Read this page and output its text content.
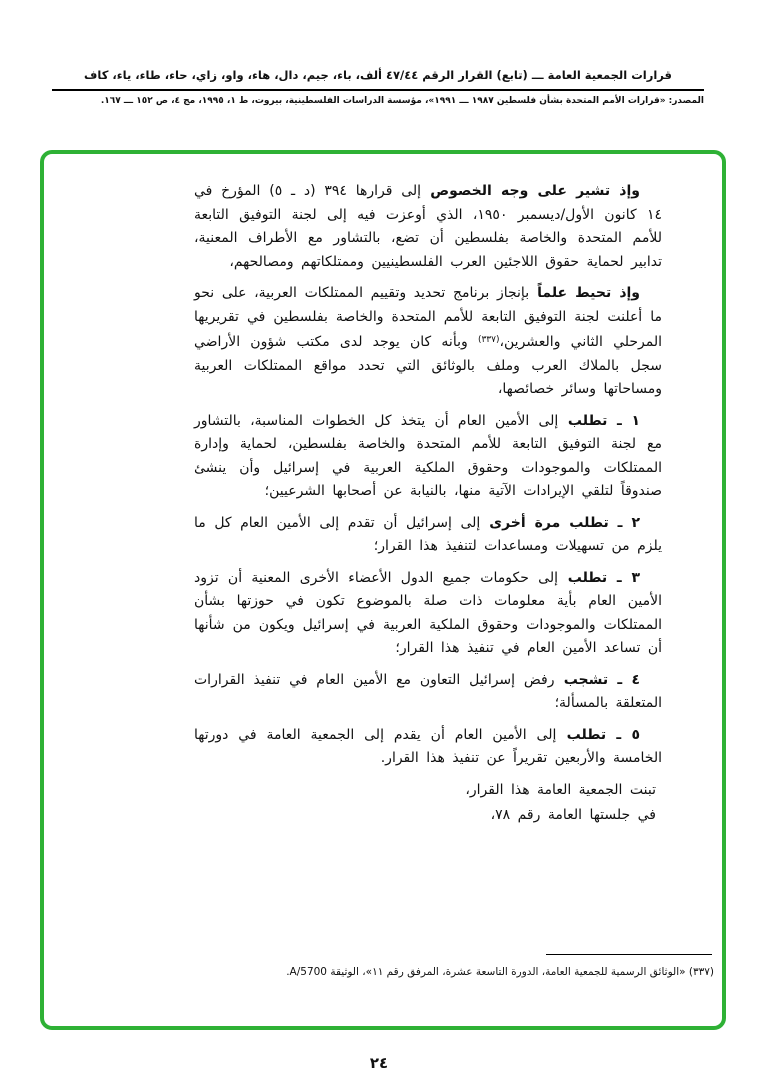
قرارات الجمعية العامة ـــ (تابع) القرار الرقم ٤٧/٤٤ ألف، باء، جيم، دال، هاء، واو، زاي، حاء، طاء، ياء، كاف
المصدر: «قرارات الأمم المتحدة بشأن فلسطين ١٩٨٧ ـــ ١٩٩١»، مؤسسة الدراسات الفلسطينية، بيروت، ط ١، ١٩٩٥، مج ٤، ص ١٥٢ ـــ ١٦٧.

وإذ تشير على وجه الخصوص إلى قرارها ٣٩٤ (د ـ ٥) المؤرخ في ١٤ كانون الأول/ديسمبر ١٩٥٠، الذي أوعزت فيه إلى لجنة التوفيق التابعة للأمم المتحدة والخاصة بفلسطين أن تضع، بالتشاور مع الأطراف المعنية، تدابير لحماية حقوق اللاجئين العرب الفلسطينيين وممتلكاتهم ومصالحهم،

وإذ تحيط علماً بإنجاز برنامج تحديد وتقييم الممتلكات العربية، على نحو ما أعلنت لجنة التوفيق التابعة للأمم المتحدة والخاصة بفلسطين في تقريريها المرحلي الثاني والعشرين،$^{(٣٣٧)}$ وبأنه كان يوجد لدى مكتب شؤون الأراضي سجل بالملاك العرب وملف بالوثائق التي تحدد مواقع الممتلكات العربية ومساحاتها وسائر خصائصها،

١ ـ تطلب إلى الأمين العام أن يتخذ كل الخطوات المناسبة، بالتشاور مع لجنة التوفيق التابعة للأمم المتحدة والخاصة بفلسطين، لحماية وإدارة الممتلكات والموجودات وحقوق الملكية العربية في إسرائيل وأن ينشئ صندوقاً لتلقي الإيرادات الآتية منها، بالنيابة عن أصحابها الشرعيين؛

٢ ـ تطلب مرة أخرى إلى إسرائيل أن تقدم إلى الأمين العام كل ما يلزم من تسهيلات ومساعدات لتنفيذ هذا القرار؛

٣ ـ تطلب إلى حكومات جميع الدول الأعضاء الأخرى المعنية أن تزود الأمين العام بأية معلومات ذات صلة بالموضوع تكون في حوزتها بشأن الممتلكات والموجودات وحقوق الملكية العربية في إسرائيل ويكون من شأنها أن تساعد الأمين العام في تنفيذ هذا القرار؛

٤ ـ تشجب رفض إسرائيل التعاون مع الأمين العام في تنفيذ القرارات المتعلقة بالمسألة؛

٥ ـ تطلب إلى الأمين العام أن يقدم إلى الجمعية العامة في دورتها الخامسة والأربعين تقريراً عن تنفيذ هذا القرار.

تبنت الجمعية العامة هذا القرار،

في جلستها العامة رقم ٧٨،

(٣٣٧) «الوثائق الرسمية للجمعية العامة، الدورة التاسعة عشرة، المرفق رقم ١١»، الوثيقة A/5700.
٢٤
